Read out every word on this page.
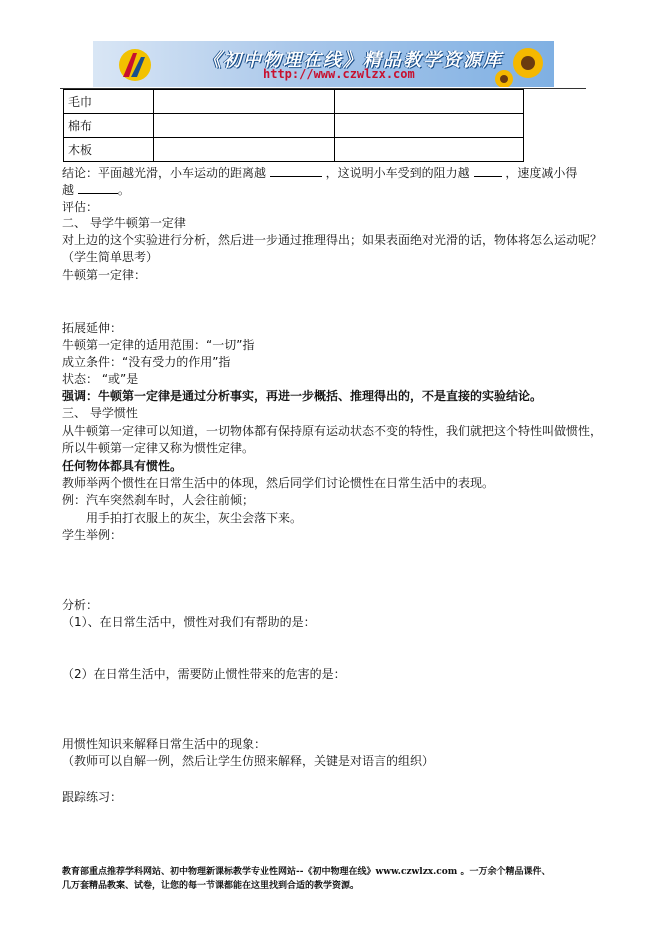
《初中物理在线》精品教学资源库
http://www.czwlzx.com
毛巾		
棉布		
木板		
结论：平面越光滑，小车运动的距离越	，这说明小车受到的阻力越	，速度减小得
越	。
评估：
二、 导学牛顿第一定律
对上边的这个实验进行分析，然后进一步通过推理得出；如果表面绝对光滑的话，物体将怎么运动呢？
（学生简单思考）
牛顿第一定律：
拓展延伸：
牛顿第一定律的适用范围：“一切”指
成立条件：“没有受力的作用”指
状态： “或”是
强调：牛顿第一定律是通过分析事实，再进一步概括、推理得出的，不是直接的实验结论。
三、 导学惯性
从牛顿第一定律可以知道，一切物体都有保持原有运动状态不变的特性，我们就把这个特性叫做惯性，
所以牛顿第一定律又称为惯性定律。
任何物体都具有惯性。
教师举两个惯性在日常生活中的体现，然后同学们讨论惯性在日常生活中的表现。
例：汽车突然刹车时，人会往前倾；
用手拍打衣服上的灰尘，灰尘会落下来。
学生举例：
分析：
（1）、在日常生活中，惯性对我们有帮助的是：
（2）在日常生活中，需要防止惯性带来的危害的是：
用惯性知识来解释日常生活中的现象：
（教师可以自解一例，然后让学生仿照来解释，关键是对语言的组织）
跟踪练习：
教育部重点推荐学科网站、初中物理新课标教学专业性网站--《初中物理在线》www.czwlzx.com 。一万余个精品课件、
几万套精品教案、试卷，让您的每一节课都能在这里找到合适的教学资源。
